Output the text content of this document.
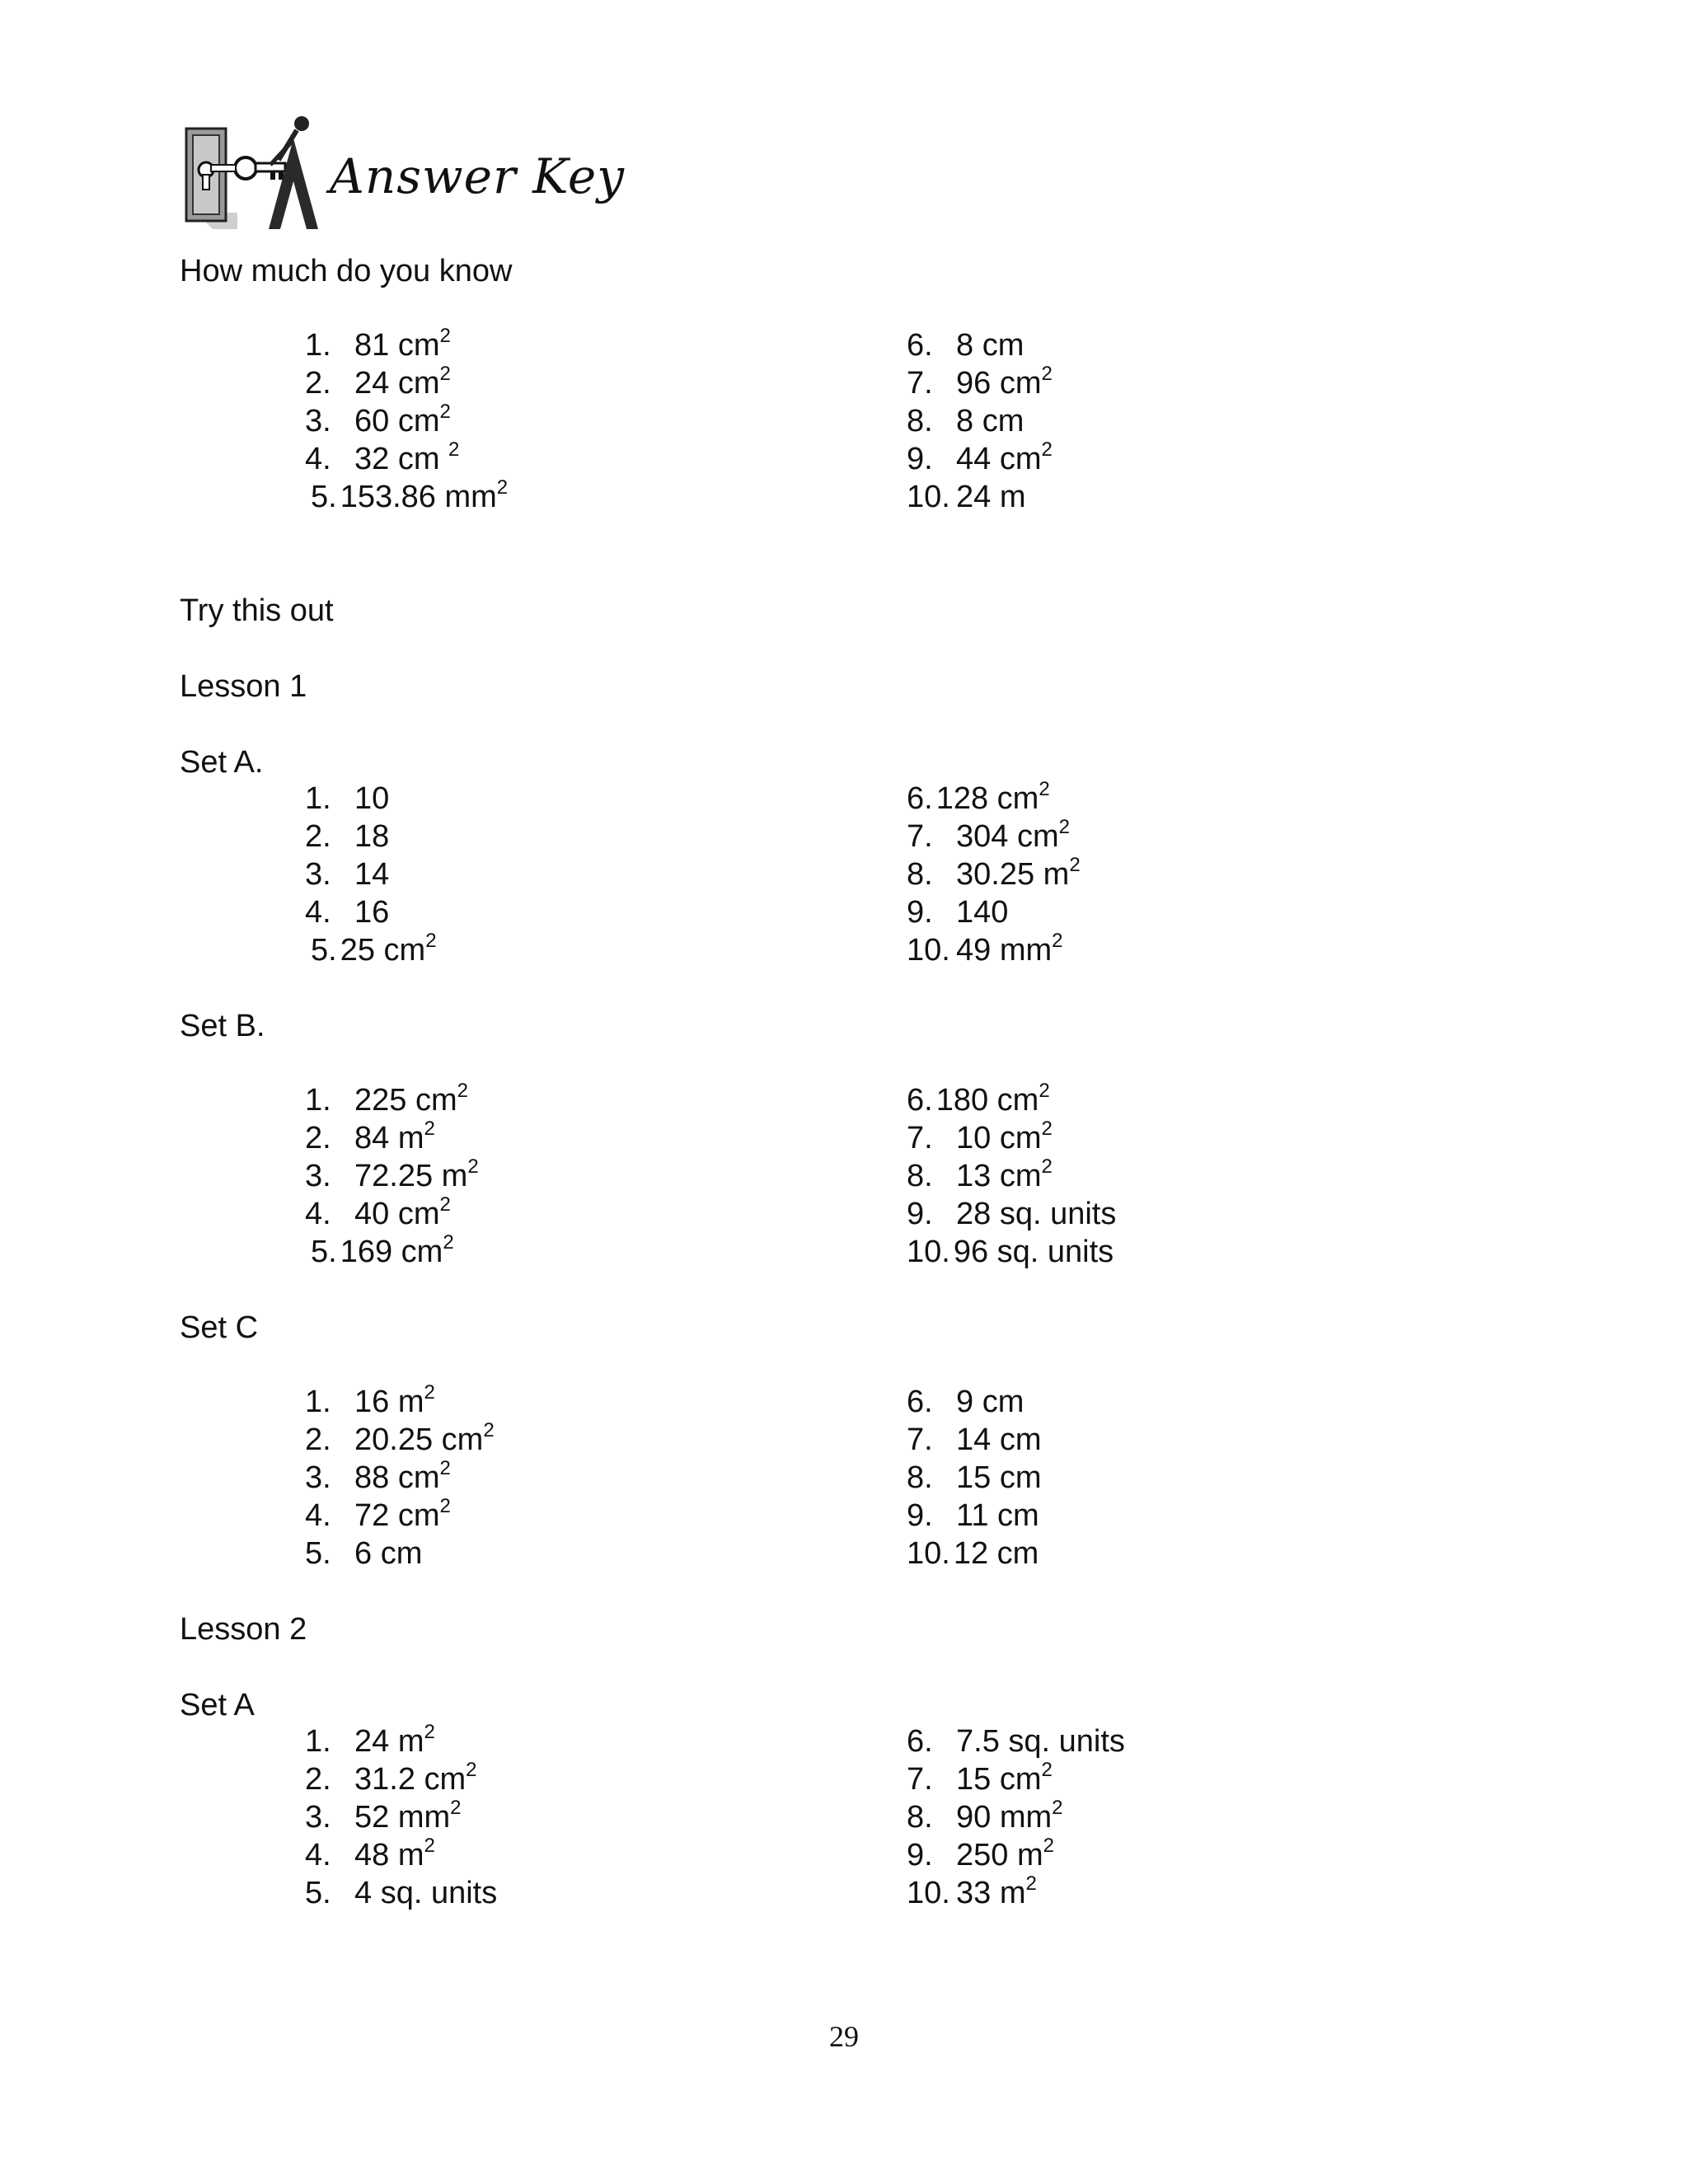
Answer Key
How much do you know
Try this out
Lesson 1
Set A.
Set B.
Set C
Lesson 2
Set A
1. 81 $cm^2$
2. 24 $cm^2$
3. 60 $cm^2$
4. 32 cm $^2$
5. 153.86 $mm^2$
6. 8 cm
7. 96 $cm^2$
8. 8 cm
9. 44 $cm^2$
10. 24 m
1. 10
2. 18
3. 14
4. 16
5. 25 $cm^2$
6. 128 $cm^2$
7. 304 $cm^2$
8. 30.25 $m^2$
9. 140
10. 49 $mm^2$
1. 225 $cm^2$
2. 84 $m^2$
3. 72.25 $m^2$
4. 40 $cm^2$
5. 169 $cm^2$
6. 180 $cm^2$
7. 10 $cm^2$
8. 13 $cm^2$
9. 28 sq. units
10. 96 sq. units
1. 16 $m^2$
2. 20.25 $cm^2$
3. 88 $cm^2$
4. 72 $cm^2$
5. 6 cm
6. 9 cm
7. 14 cm
8. 15 cm
9. 11 cm
10. 12 cm
1. 24 $m^2$
2. 31.2 $cm^2$
3. 52 $mm^2$
4. 48 $m^2$
5. 4 sq. units
6. 7.5 sq. units
7. 15 $cm^2$
8. 90 $mm^2$
9. 250 $m^2$
10. 33 $m^2$
29
